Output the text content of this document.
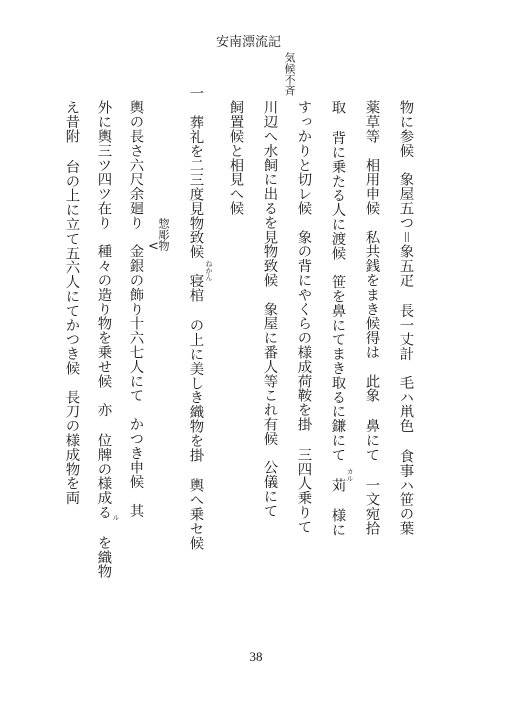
安南漂流記
気候不斉
物に参候　象屋五つ＝象五疋 長一丈計　毛ハ鼡色 食事ハ笹の葉
薬草等　相用申候　私共銭をまき候得は　此象 鼻にて 一文宛拾
取 背に乗たる人に渡候　笹を鼻にてまき取るに鎌にて 苅 様に
すっかりと切レ候　象の背にやくらの様成荷鞍を掛 三四人乗りて
川辺へ水飼に出るを見物致候　象屋に番人等これ有候　公儀にて
飼置候と相見へ候
一　葬礼を二三度見物致候　寝棺 の上に美しき織物を掛 輿へ乗セ候
輿の長さ六尺余廻り　金銀の飾り十六七人にて　かつき申候　其
外に輿三ツ四ツ在り　種々の造り物を乗せ候　亦 位牌の様成る を織物
え昔附 台の上に立て五六人にてかつき候　長刀の様成物を両	カル
ねかん
ル
惣彫物
<
38
